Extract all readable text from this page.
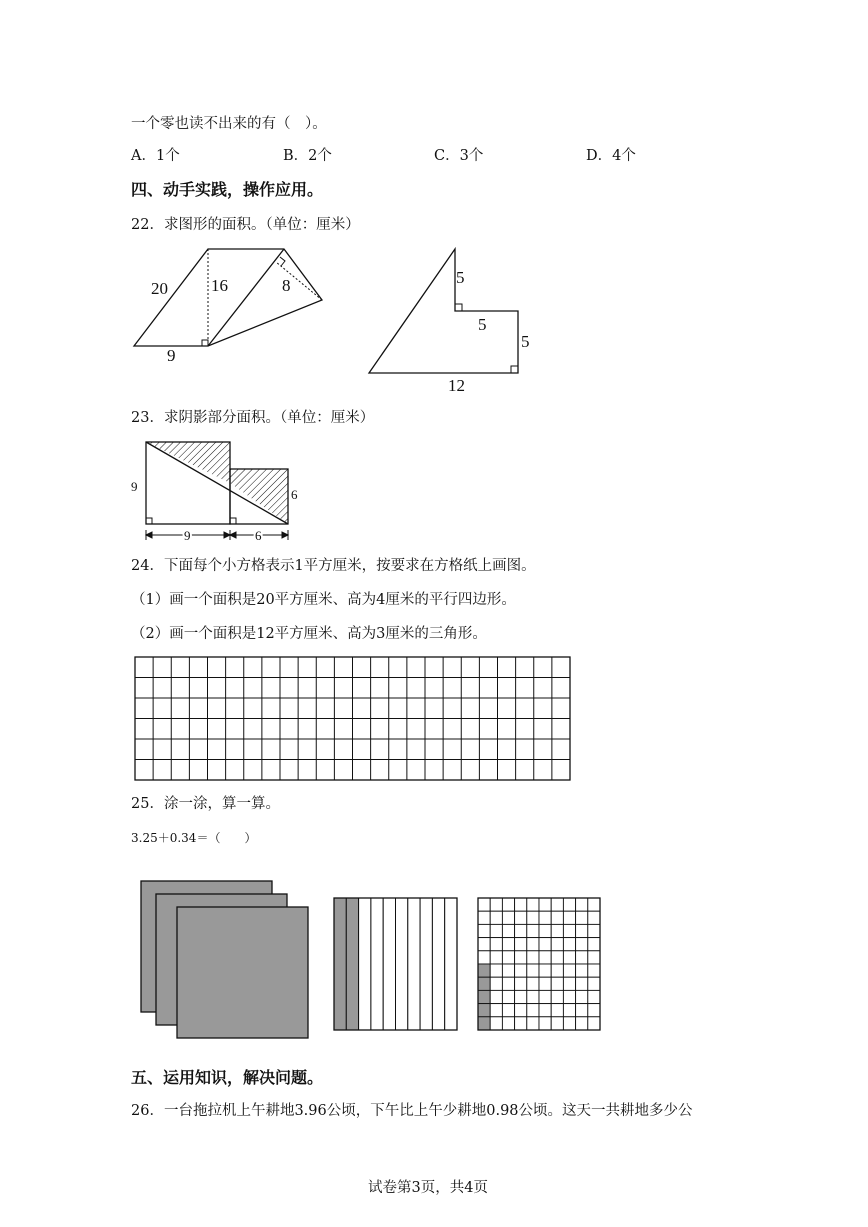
一个零也读不出来的有（　）。
A．1个	B．2个	C．3个	D．4个
四、动手实践，操作应用。
22．求图形的面积。（单位：厘米）
20	16
9
8	5
5
5
12
9
6
9	6
23．求阴影部分面积。（单位：厘米）
24．下面每个小方格表示1平方厘米，按要求在方格纸上画图。
（1）画一个面积是20平方厘米、高为4厘米的平行四边形。
（2）画一个面积是12平方厘米、高为3厘米的三角形。
25．涂一涂，算一算。
3.25＋0.34＝（　　）
五、运用知识，解决问题。
26．一台拖拉机上午耕地3.96公顷，下午比上午少耕地0.98公顷。这天一共耕地多少公
试卷第3页，共4页
